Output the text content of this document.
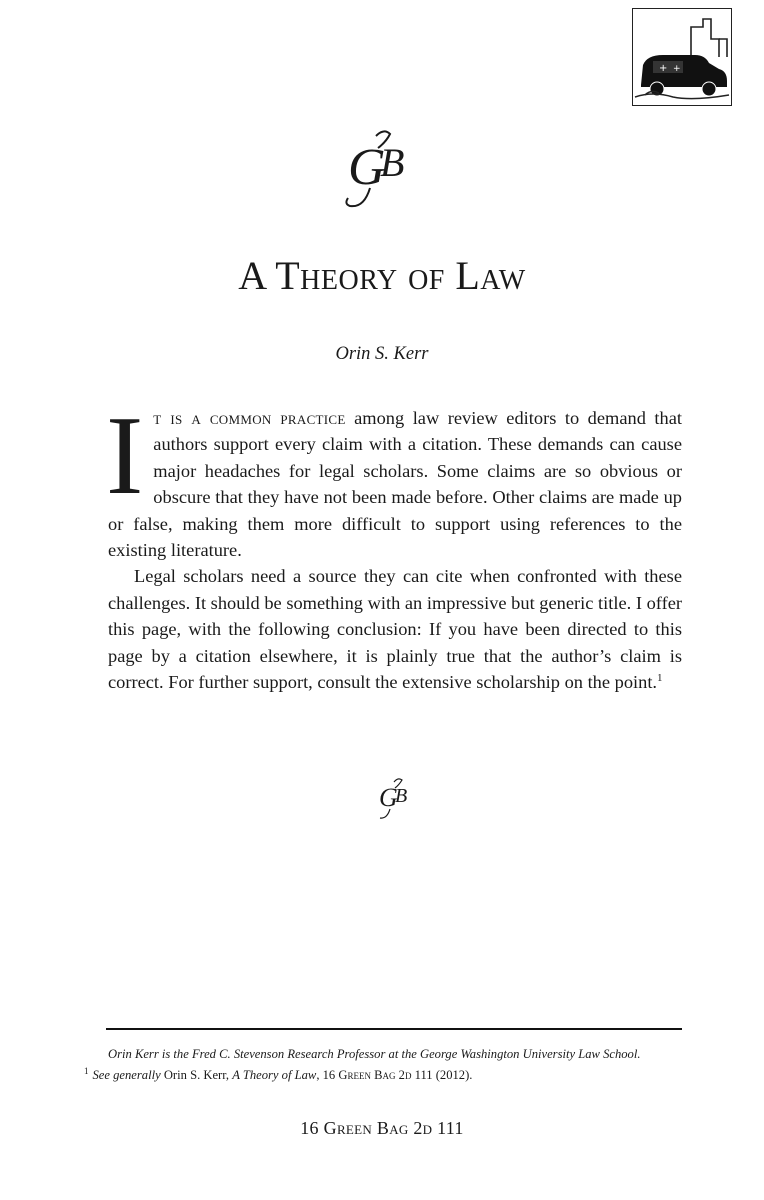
+ +
G
B
A Theory of Law
Orin S. Kerr

It is a common practice among law review editors to demand that authors support every claim with a citation. These demands can cause major headaches for legal scholars. Some claims are so obvious or obscure that they have not been made before. Other claims are made up or false, making them more difficult to support using references to the existing literature.

Legal scholars need a source they can cite when confronted with these challenges. It should be something with an impressive but generic title. I offer this page, with the following conclusion: If you have been directed to this page by a citation elsewhere, it is plainly true that the author’s claim is correct. For further support, consult the extensive scholarship on the point.$^1$

G
B
Orin Kerr is the Fred C. Stevenson Research Professor at the George Washington University Law School.
$^1$ See generally Orin S. Kerr, A Theory of Law, 16 Green Bag 2d 111 (2012).
16 Green Bag 2d 111
